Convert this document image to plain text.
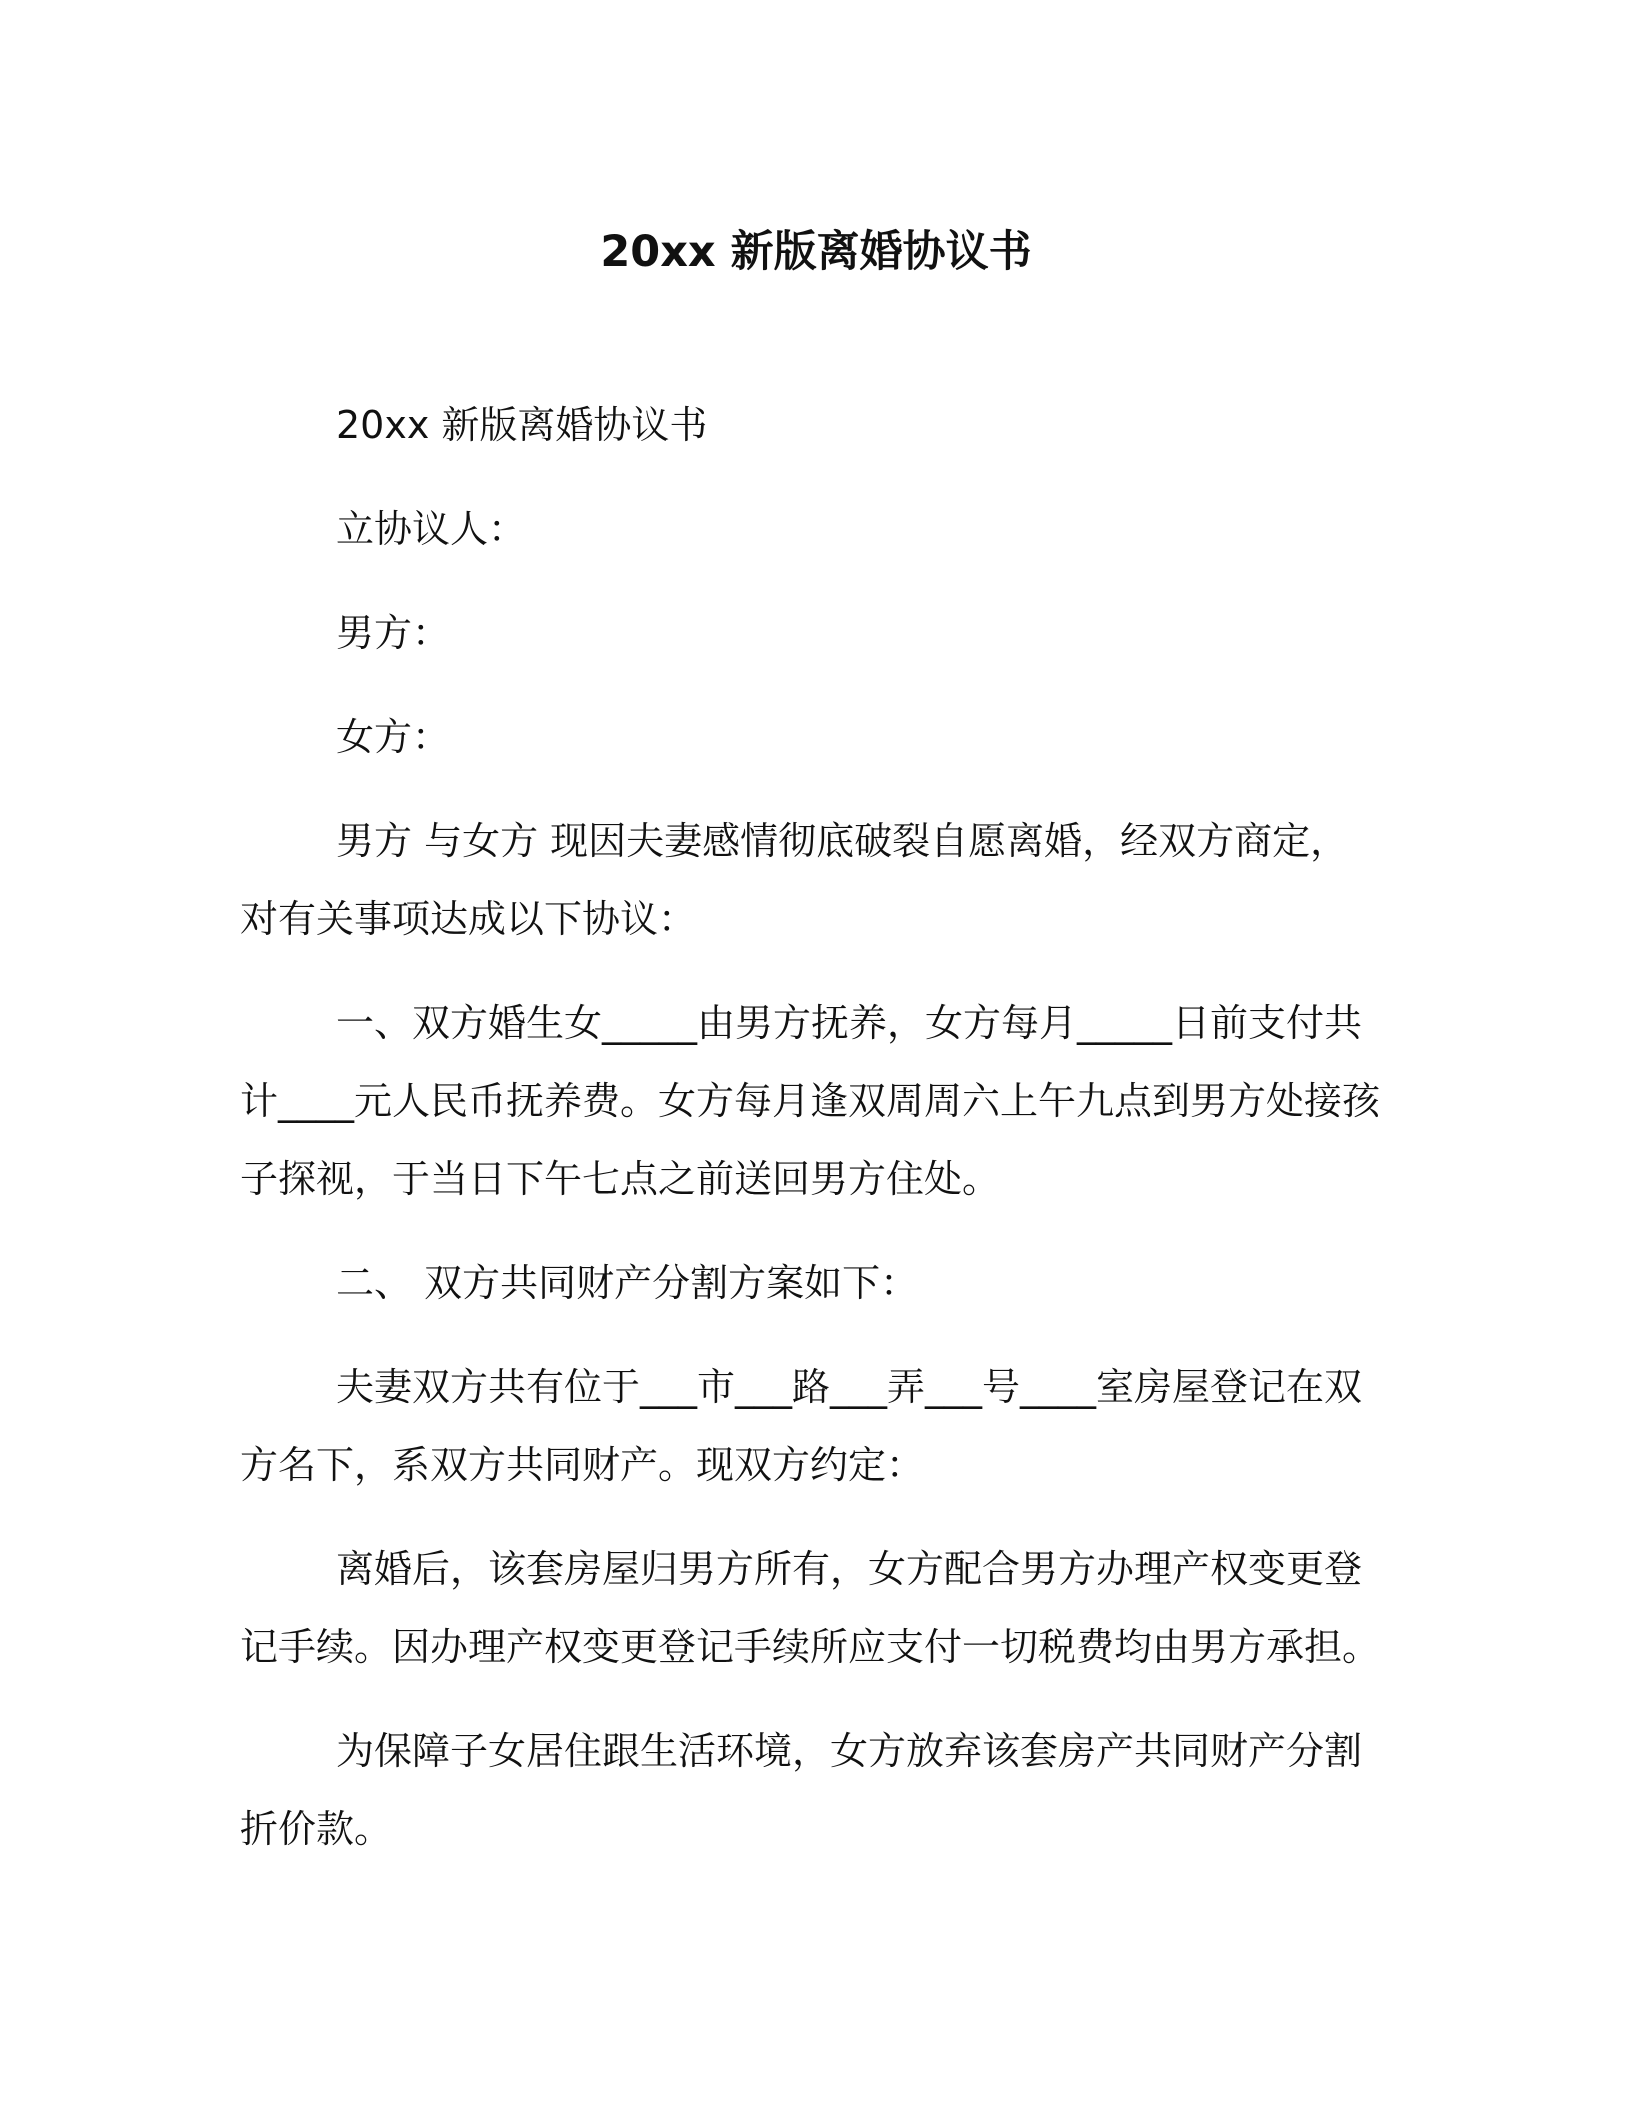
20xx 新版离婚协议书

20xx 新版离婚协议书

立协议人：

男方：

女方：

男方 与女方 现因夫妻感情彻底破裂自愿离婚，经双方商定，对有关事项达成以下协议：

一、双方婚生女_____由男方抚养，女方每月_____日前支付共计____元人民币抚养费。女方每月逢双周周六上午九点到男方处接孩子探视，于当日下午七点之前送回男方住处。

二、 双方共同财产分割方案如下：

夫妻双方共有位于___市___路___弄___号____室房屋登记在双方名下，系双方共同财产。现双方约定：

离婚后，该套房屋归男方所有，女方配合男方办理产权变更登记手续。因办理产权变更登记手续所应支付一切税费均由男方承担。

为保障子女居住跟生活环境，女方放弃该套房产共同财产分割折价款。
